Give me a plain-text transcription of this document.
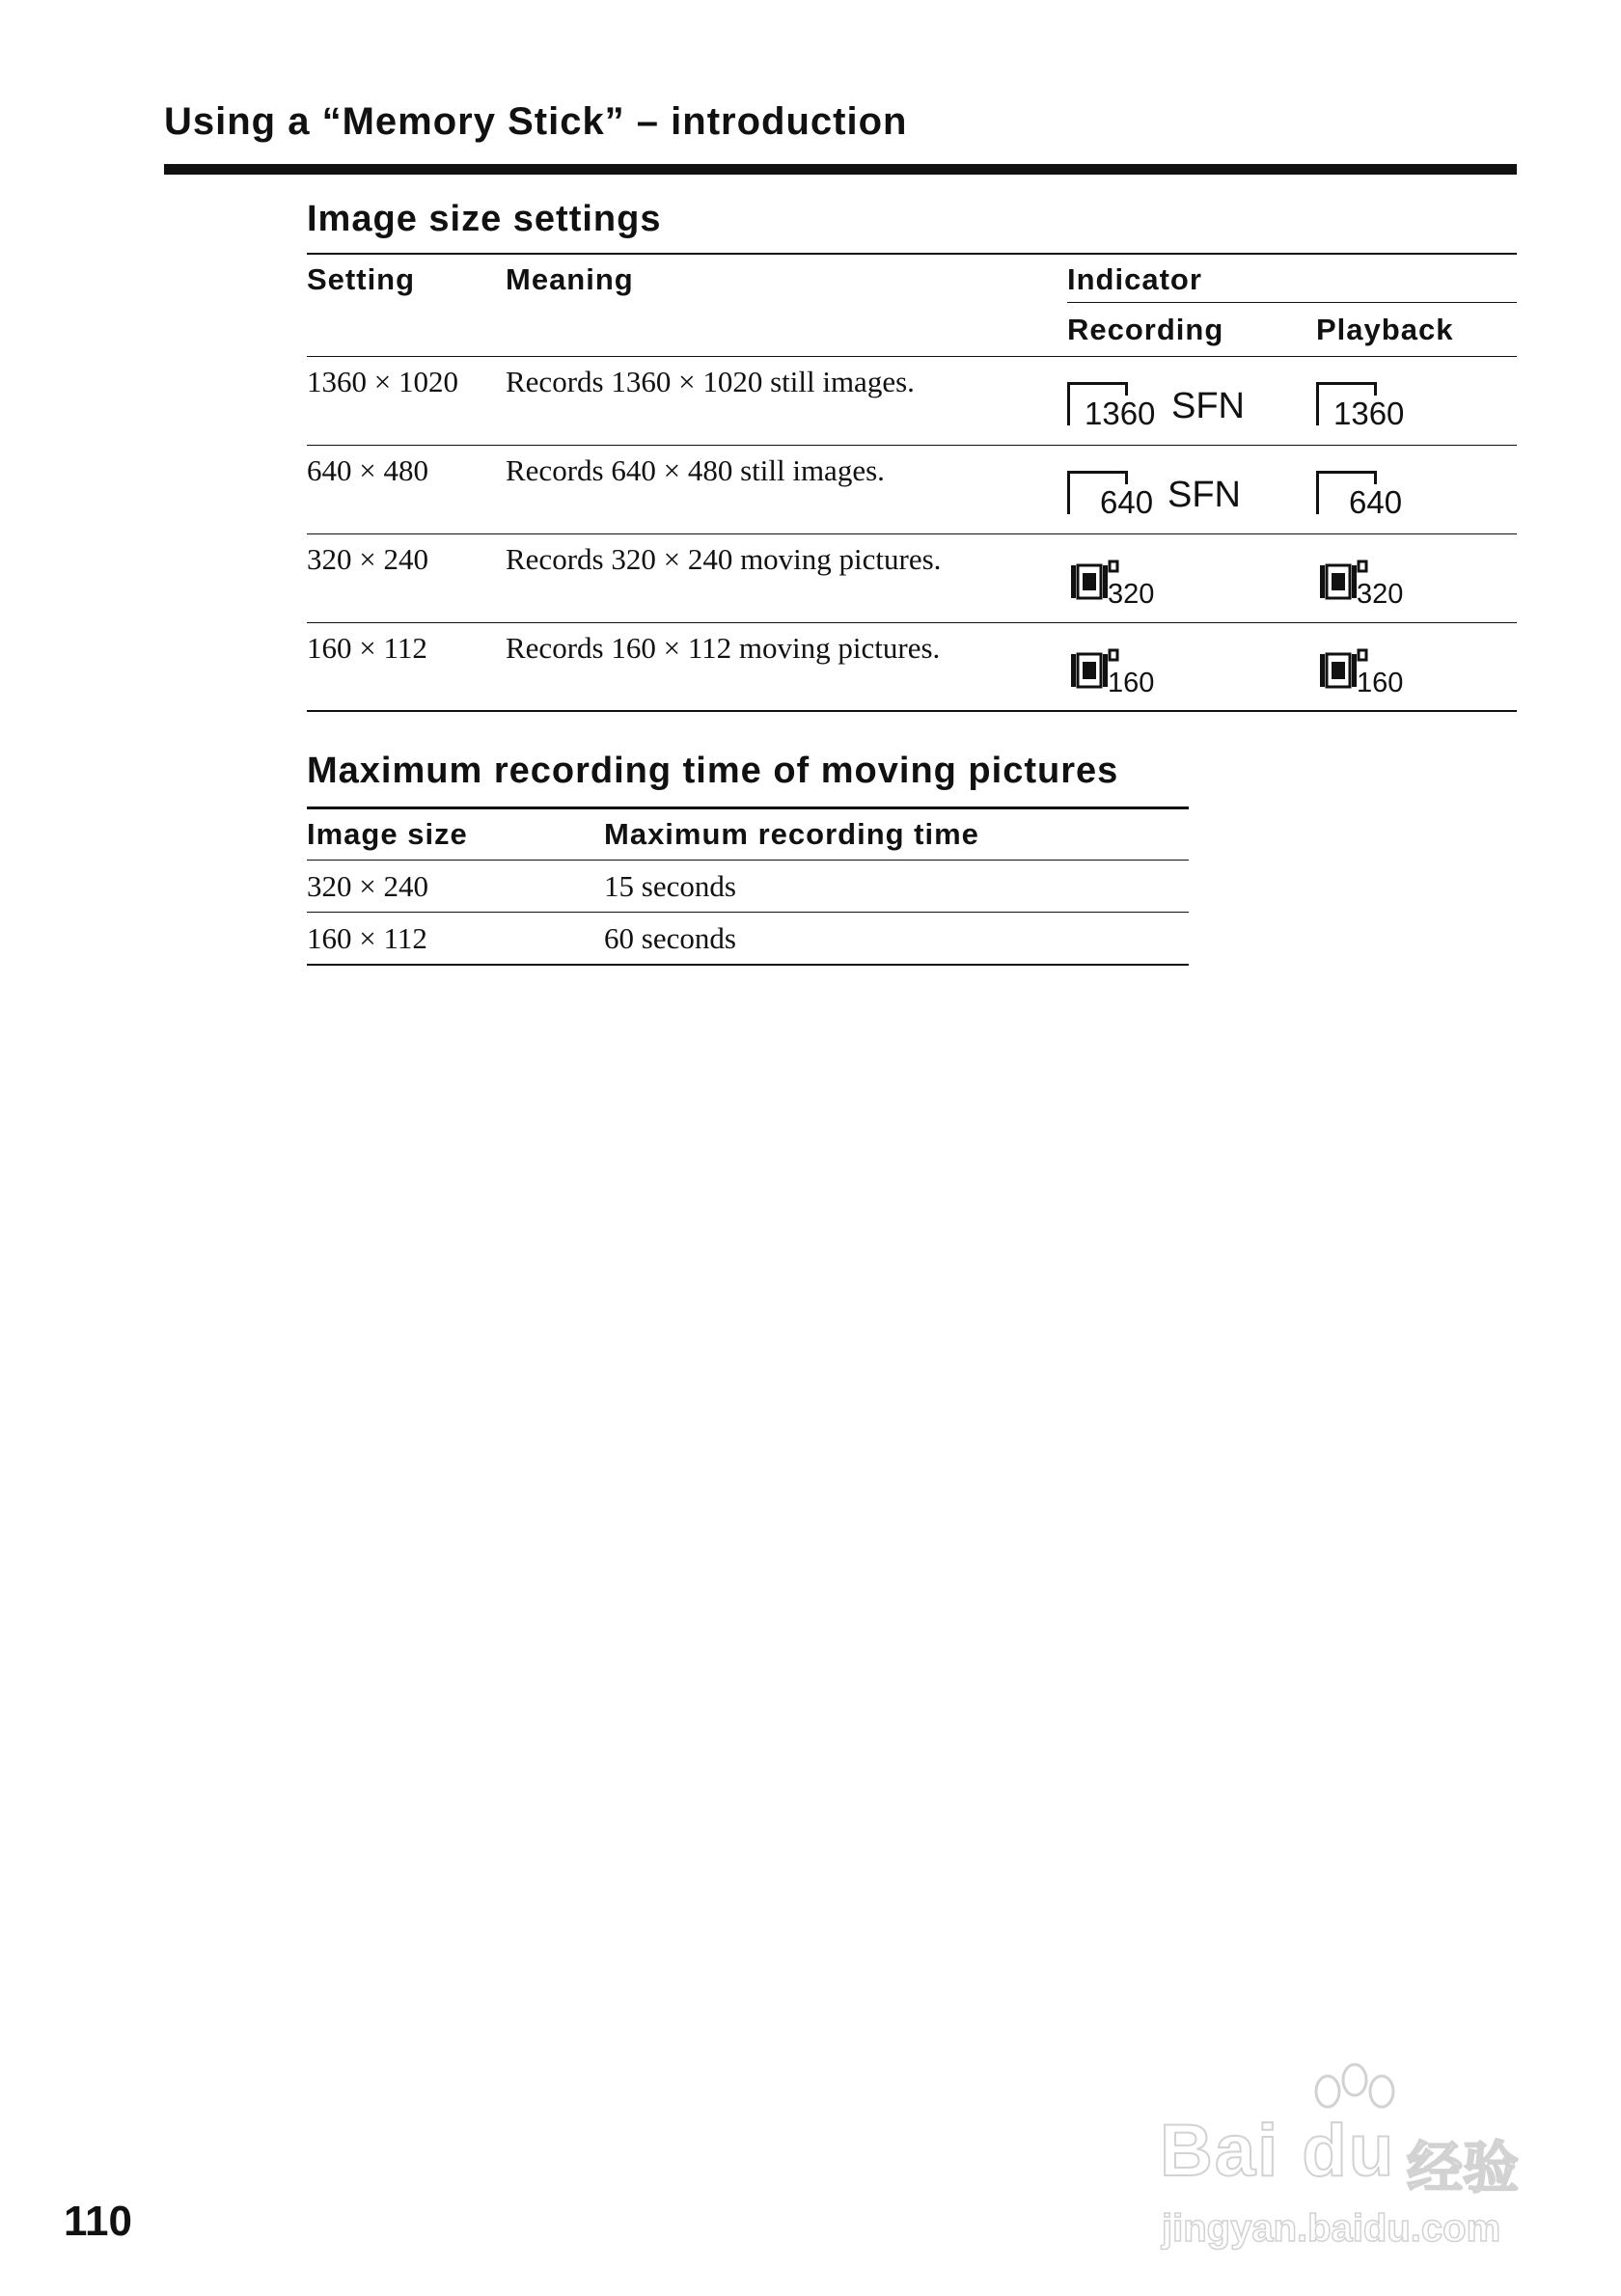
Using a “Memory Stick” – introduction
Image size settings
Setting	Meaning	Indicator	
		Recording	Playback
1360 × 1020	Records 1360 × 1020 still images.	1360 SFN	1360

640 × 480	Records 640 × 480 still images.	640 SFN	640

320 × 240	Records 320 × 240 moving pictures.	320	320

160 × 112	Records 160 × 112 moving pictures.	160	160
Maximum recording time of moving pictures
Image size	Maximum recording time
320 × 240	15 seconds
160 × 112	60 seconds
110
Bai du 经验
jingyan.baidu.com
